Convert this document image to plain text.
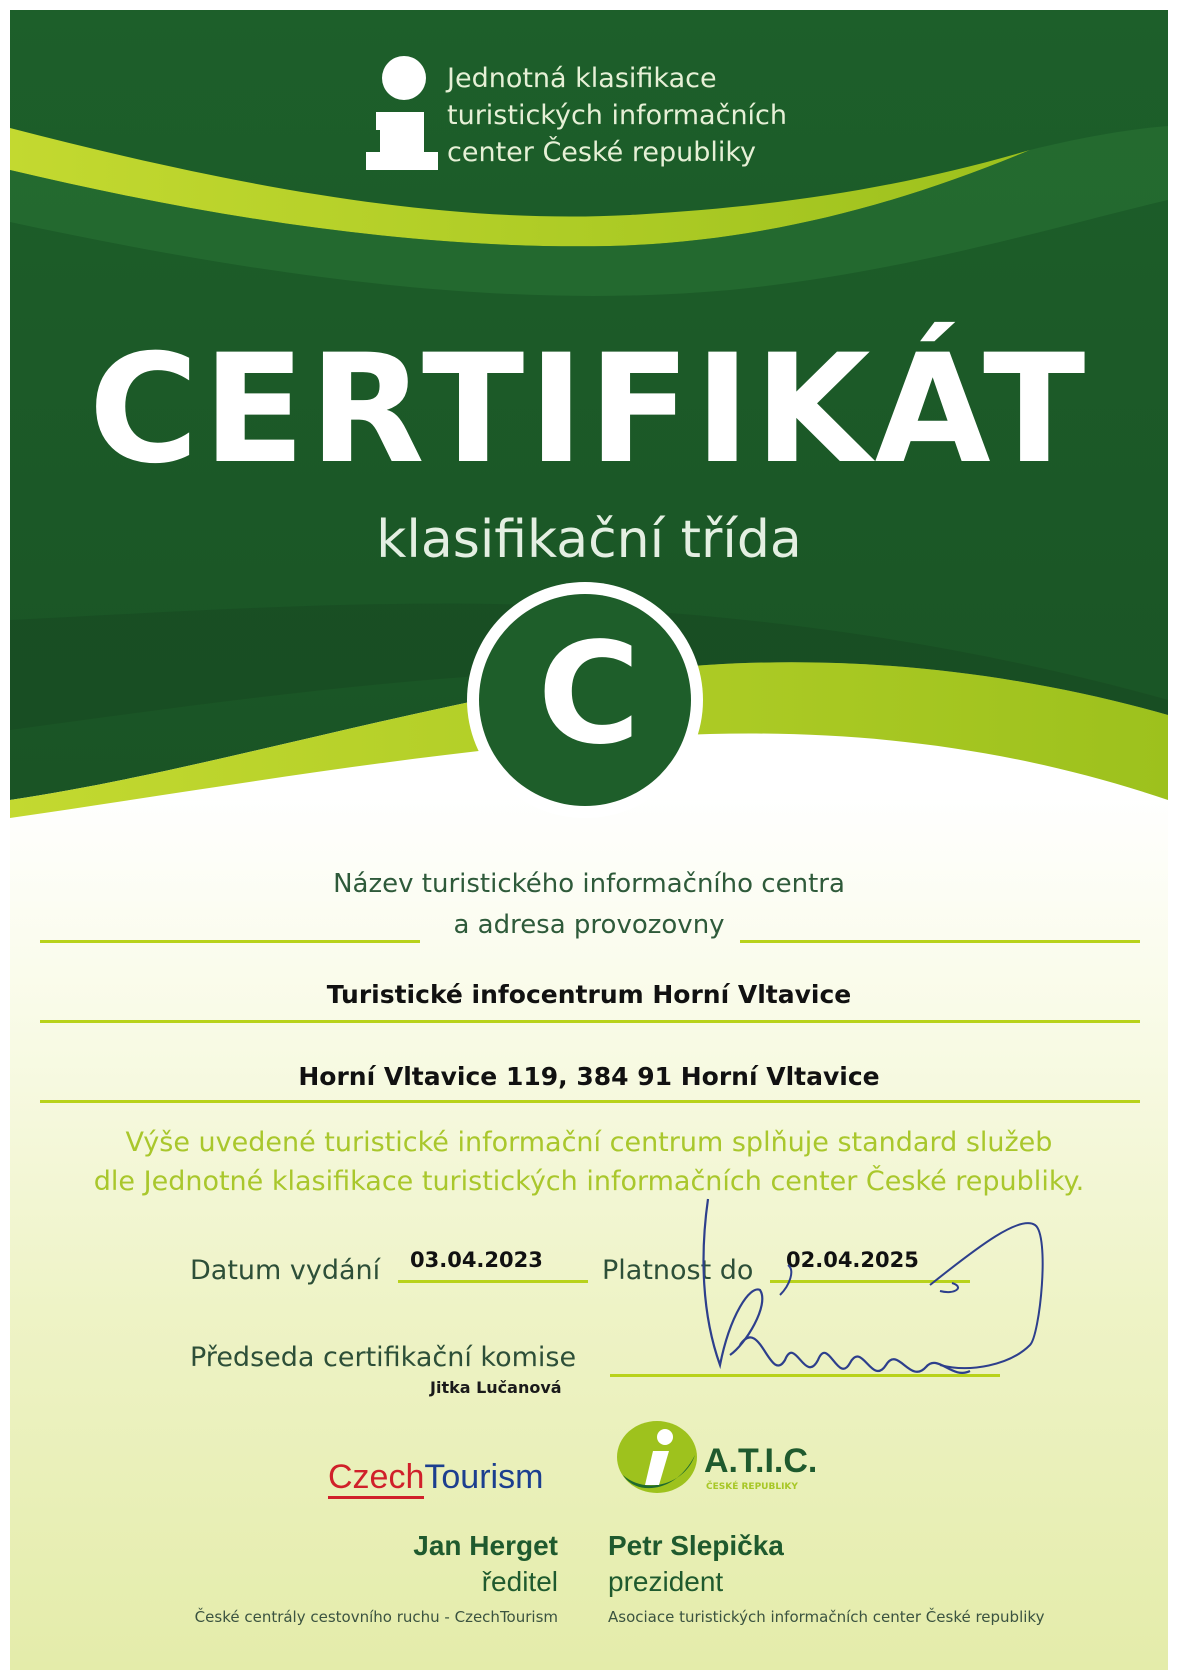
Jednotná klasifikace
turistických informačních
center České republiky
CERTIFIKÁT
klasifikační třída
C
Název turistického informačního centra
a adresa provozovny
Turistické infocentrum Horní Vltavice
Horní Vltavice 119, 384 91 Horní Vltavice
Výše uvedené turistické informační centrum splňuje standard služeb
dle Jednotné klasifikace turistických informačních center České republiky.
Datum vydání 03.04.2023 Platnost do 02.04.2025
Předseda certifikační komise
Jitka Lučanová
CzechTourism	A.T.I.C.
ČESKÉ REPUBLIKY
Jan Herget
ředitel
České centrály cestovního ruchu - CzechTourism
Petr Slepička
prezident
Asociace turistických informačních center České republiky
